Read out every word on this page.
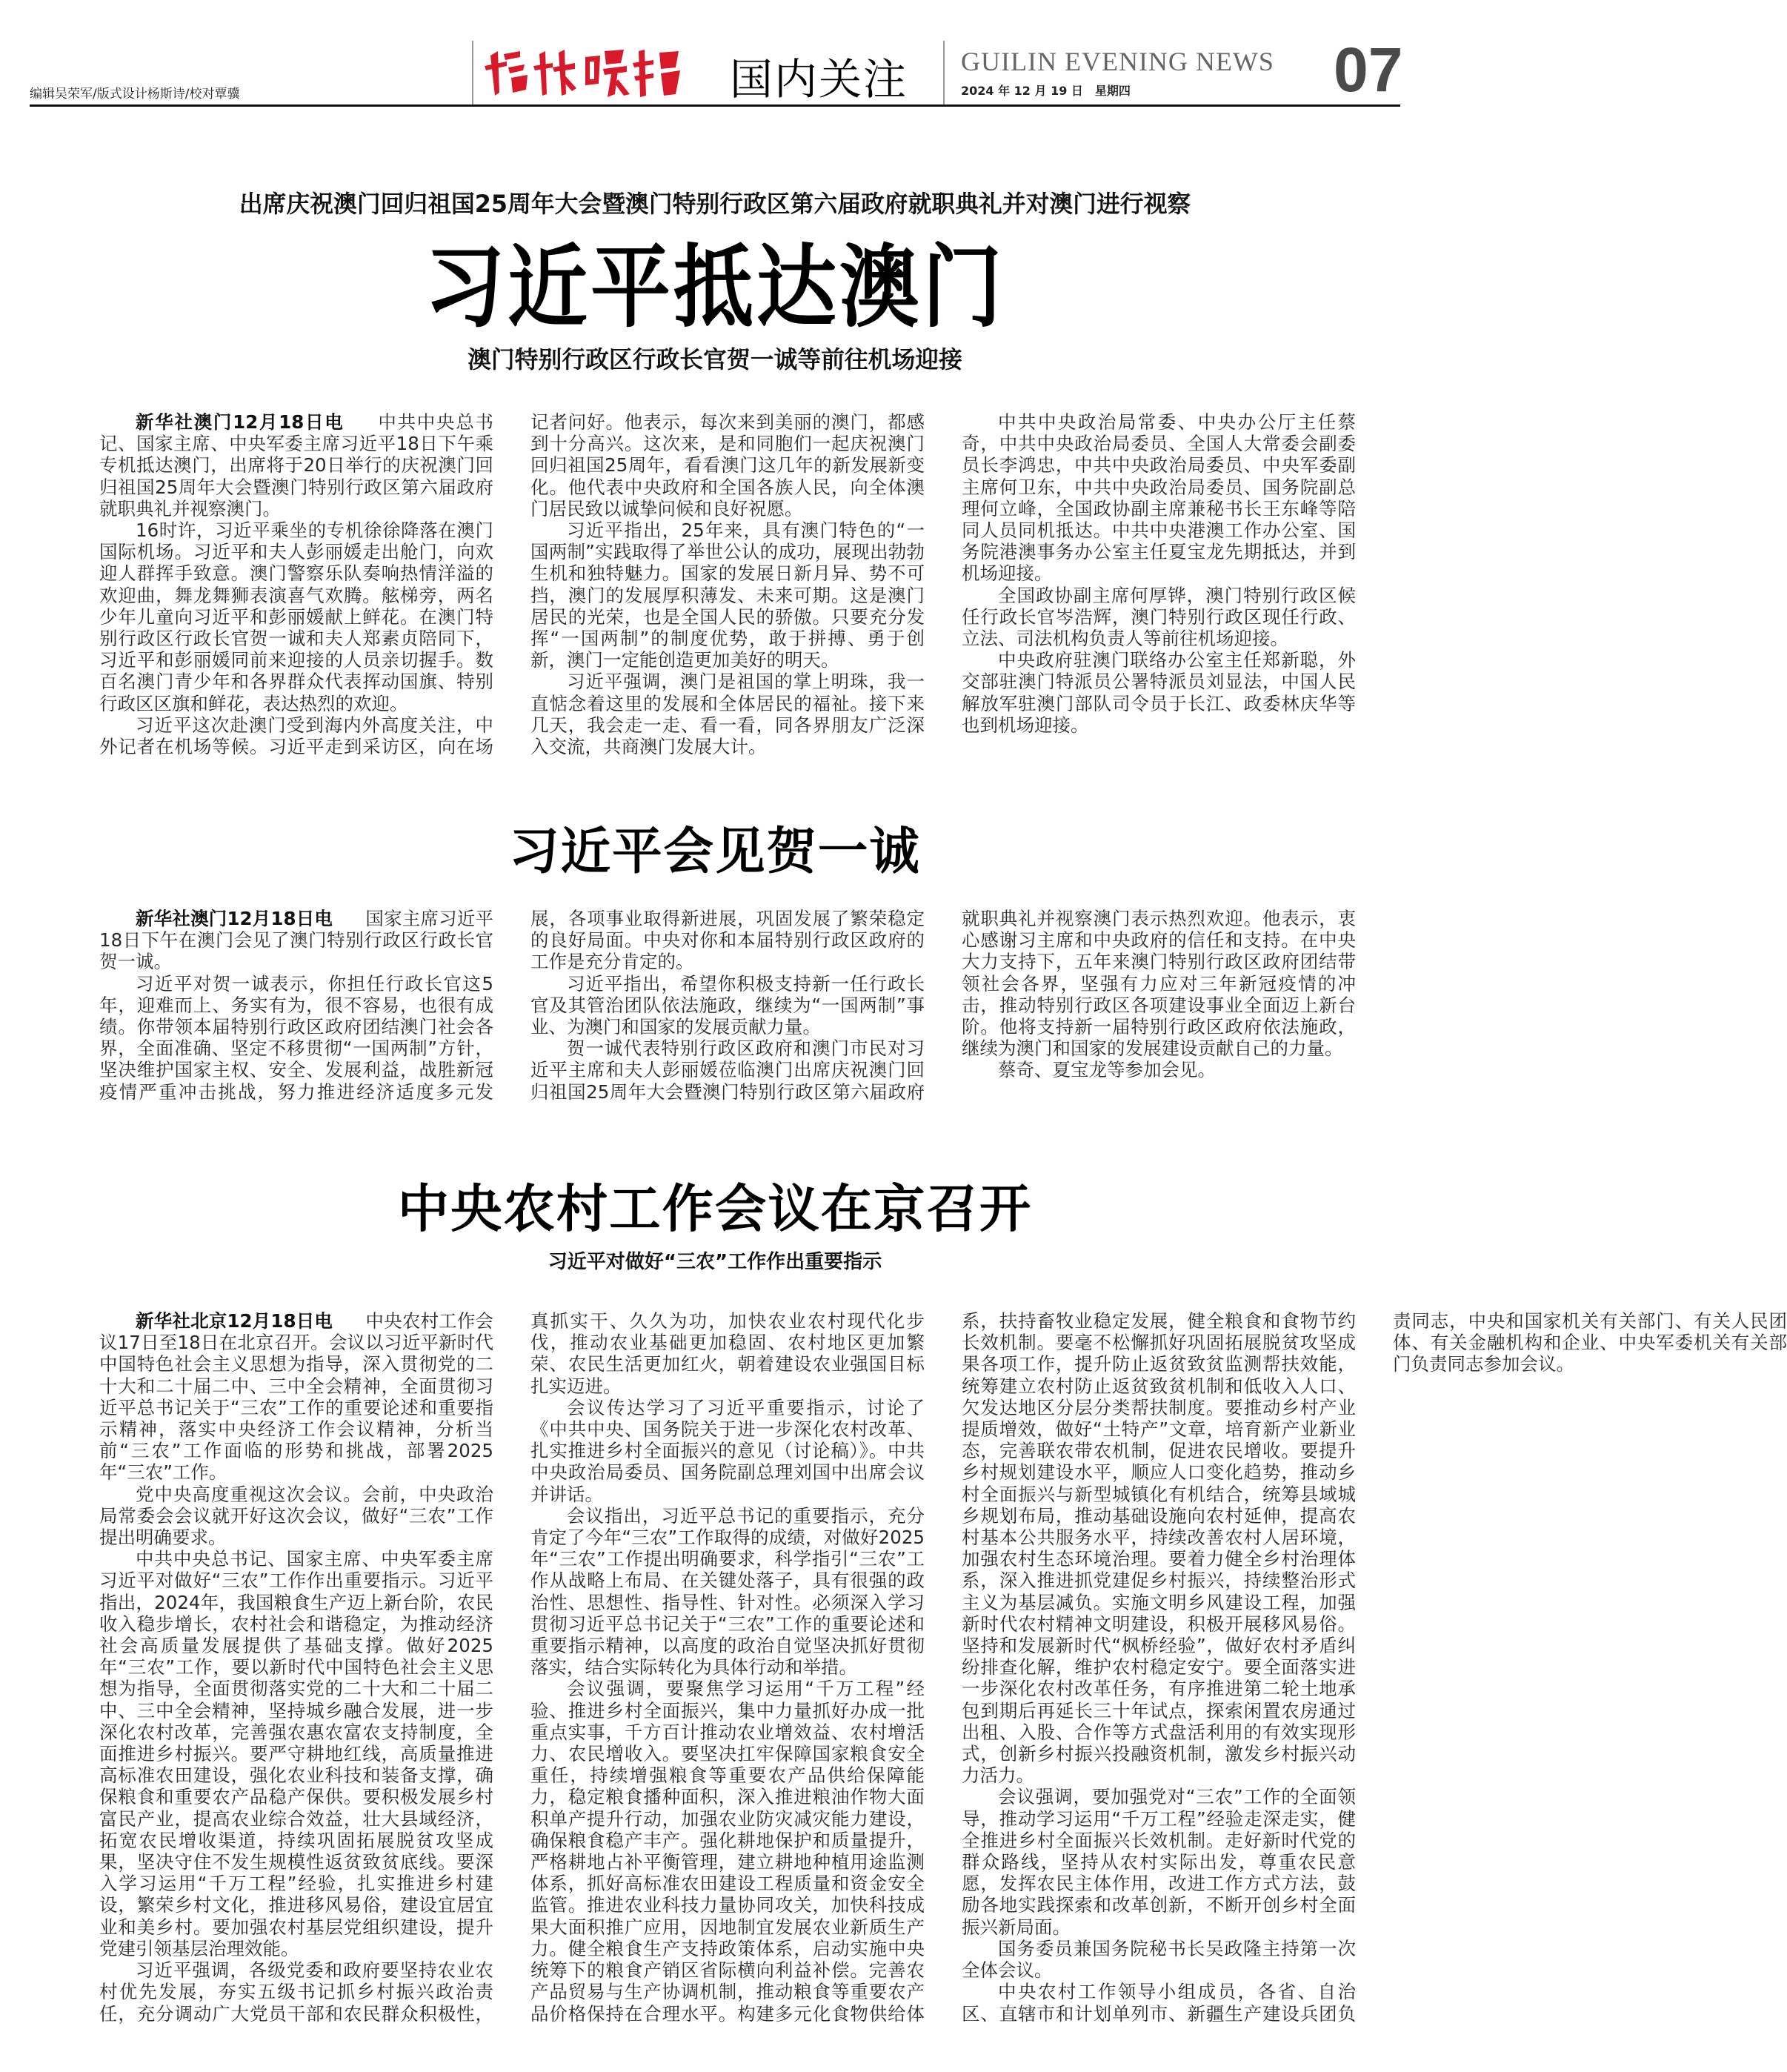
编辑吴荣军/版式设计杨斯诗/校对覃骥	国内关注 GUILIN EVENING NEWS
2024 年 12 月 19 日　星期四	07
出席庆祝澳门回归祖国25周年大会暨澳门特别行政区第六届政府就职典礼并对澳门进行视察
习近平抵达澳门
澳门特别行政区行政长官贺一诚等前往机场迎接

新华社澳门12月18日电　中共中央总书记、国家主席、中央军委主席习近平18日下午乘专机抵达澳门，出席将于20日举行的庆祝澳门回归祖国25周年大会暨澳门特别行政区第六届政府就职典礼并视察澳门。

16时许，习近平乘坐的专机徐徐降落在澳门国际机场。习近平和夫人彭丽媛走出舱门，向欢迎人群挥手致意。澳门警察乐队奏响热情洋溢的欢迎曲，舞龙舞狮表演喜气欢腾。舷梯旁，两名少年儿童向习近平和彭丽媛献上鲜花。在澳门特别行政区行政长官贺一诚和夫人郑素贞陪同下，习近平和彭丽媛同前来迎接的人员亲切握手。数百名澳门青少年和各界群众代表挥动国旗、特别行政区区旗和鲜花，表达热烈的欢迎。

习近平这次赴澳门受到海内外高度关注，中外记者在机场等候。习近平走到采访区，向在场记者问好。他表示，每次来到美丽的澳门，都感到十分高兴。这次来，是和同胞们一起庆祝澳门回归祖国25周年，看看澳门这几年的新发展新变化。他代表中央政府和全国各族人民，向全体澳门居民致以诚挚问候和良好祝愿。

习近平指出，25年来，具有澳门特色的“一国两制”实践取得了举世公认的成功，展现出勃勃生机和独特魅力。国家的发展日新月异、势不可挡，澳门的发展厚积薄发、未来可期。这是澳门居民的光荣，也是全国人民的骄傲。只要充分发挥“一国两制”的制度优势，敢于拼搏、勇于创新，澳门一定能创造更加美好的明天。

习近平强调，澳门是祖国的掌上明珠，我一直惦念着这里的发展和全体居民的福祉。接下来几天，我会走一走、看一看，同各界朋友广泛深入交流，共商澳门发展大计。

中共中央政治局常委、中央办公厅主任蔡奇，中共中央政治局委员、全国人大常委会副委员长李鸿忠，中共中央政治局委员、中央军委副主席何卫东，中共中央政治局委员、国务院副总理何立峰，全国政协副主席兼秘书长王东峰等陪同人员同机抵达。中共中央港澳工作办公室、国务院港澳事务办公室主任夏宝龙先期抵达，并到机场迎接。

全国政协副主席何厚铧，澳门特别行政区候任行政长官岑浩辉，澳门特别行政区现任行政、立法、司法机构负责人等前往机场迎接。

中央政府驻澳门联络办公室主任郑新聪，外交部驻澳门特派员公署特派员刘显法，中国人民解放军驻澳门部队司令员于长江、政委林庆华等也到机场迎接。

习近平会见贺一诚

新华社澳门12月18日电　国家主席习近平18日下午在澳门会见了澳门特别行政区行政长官贺一诚。

习近平对贺一诚表示，你担任行政长官这5年，迎难而上、务实有为，很不容易，也很有成绩。你带领本届特别行政区政府团结澳门社会各界，全面准确、坚定不移贯彻“一国两制”方针，坚决维护国家主权、安全、发展利益，战胜新冠疫情严重冲击挑战，努力推进经济适度多元发展，各项事业取得新进展，巩固发展了繁荣稳定的良好局面。中央对你和本届特别行政区政府的工作是充分肯定的。

习近平指出，希望你积极支持新一任行政长官及其管治团队依法施政，继续为“一国两制”事业、为澳门和国家的发展贡献力量。

贺一诚代表特别行政区政府和澳门市民对习近平主席和夫人彭丽媛莅临澳门出席庆祝澳门回归祖国25周年大会暨澳门特别行政区第六届政府就职典礼并视察澳门表示热烈欢迎。他表示，衷心感谢习主席和中央政府的信任和支持。在中央大力支持下，五年来澳门特别行政区政府团结带领社会各界，坚强有力应对三年新冠疫情的冲击，推动特别行政区各项建设事业全面迈上新台阶。他将支持新一届特别行政区政府依法施政，继续为澳门和国家的发展建设贡献自己的力量。

蔡奇、夏宝龙等参加会见。

中央农村工作会议在京召开
习近平对做好“三农”工作作出重要指示

新华社北京12月18日电　中央农村工作会议17日至18日在北京召开。会议以习近平新时代中国特色社会主义思想为指导，深入贯彻党的二十大和二十届二中、三中全会精神，全面贯彻习近平总书记关于“三农”工作的重要论述和重要指示精神，落实中央经济工作会议精神，分析当前“三农”工作面临的形势和挑战，部署2025年“三农”工作。

党中央高度重视这次会议。会前，中央政治局常委会会议就开好这次会议，做好“三农”工作提出明确要求。

中共中央总书记、国家主席、中央军委主席习近平对做好“三农”工作作出重要指示。习近平指出，2024年，我国粮食生产迈上新台阶，农民收入稳步增长，农村社会和谐稳定，为推动经济社会高质量发展提供了基础支撑。做好2025年“三农”工作，要以新时代中国特色社会主义思想为指导，全面贯彻落实党的二十大和二十届二中、三中全会精神，坚持城乡融合发展，进一步深化农村改革，完善强农惠农富农支持制度，全面推进乡村振兴。要严守耕地红线，高质量推进高标准农田建设，强化农业科技和装备支撑，确保粮食和重要农产品稳产保供。要积极发展乡村富民产业，提高农业综合效益，壮大县域经济，拓宽农民增收渠道，持续巩固拓展脱贫攻坚成果，坚决守住不发生规模性返贫致贫底线。要深入学习运用“千万工程”经验，扎实推进乡村建设，繁荣乡村文化，推进移风易俗，建设宜居宜业和美乡村。要加强农村基层党组织建设，提升党建引领基层治理效能。

习近平强调，各级党委和政府要坚持农业农村优先发展，夯实五级书记抓乡村振兴政治责任，充分调动广大党员干部和农民群众积极性，真抓实干、久久为功，加快农业农村现代化步伐，推动农业基础更加稳固、农村地区更加繁荣、农民生活更加红火，朝着建设农业强国目标扎实迈进。

会议传达学习了习近平重要指示，讨论了《中共中央、国务院关于进一步深化农村改革、扎实推进乡村全面振兴的意见（讨论稿）》。中共中央政治局委员、国务院副总理刘国中出席会议并讲话。

会议指出，习近平总书记的重要指示，充分肯定了今年“三农”工作取得的成绩，对做好2025年“三农”工作提出明确要求，科学指引“三农”工作从战略上布局、在关键处落子，具有很强的政治性、思想性、指导性、针对性。必须深入学习贯彻习近平总书记关于“三农”工作的重要论述和重要指示精神，以高度的政治自觉坚决抓好贯彻落实，结合实际转化为具体行动和举措。

会议强调，要聚焦学习运用“千万工程”经验、推进乡村全面振兴，集中力量抓好办成一批重点实事，千方百计推动农业增效益、农村增活力、农民增收入。要坚决扛牢保障国家粮食安全重任，持续增强粮食等重要农产品供给保障能力，稳定粮食播种面积，深入推进粮油作物大面积单产提升行动，加强农业防灾减灾能力建设，确保粮食稳产丰产。强化耕地保护和质量提升，严格耕地占补平衡管理，建立耕地种植用途监测体系，抓好高标准农田建设工程质量和资金安全监管。推进农业科技力量协同攻关，加快科技成果大面积推广应用，因地制宜发展农业新质生产力。健全粮食生产支持政策体系，启动实施中央统筹下的粮食产销区省际横向利益补偿。完善农产品贸易与生产协调机制，推动粮食等重要农产品价格保持在合理水平。构建多元化食物供给体系，扶持畜牧业稳定发展，健全粮食和食物节约长效机制。要毫不松懈抓好巩固拓展脱贫攻坚成果各项工作，提升防止返贫致贫监测帮扶效能，统筹建立农村防止返贫致贫机制和低收入人口、欠发达地区分层分类帮扶制度。要推动乡村产业提质增效，做好“土特产”文章，培育新产业新业态，完善联农带农机制，促进农民增收。要提升乡村规划建设水平，顺应人口变化趋势，推动乡村全面振兴与新型城镇化有机结合，统筹县域城乡规划布局，推动基础设施向农村延伸，提高农村基本公共服务水平，持续改善农村人居环境，加强农村生态环境治理。要着力健全乡村治理体系，深入推进抓党建促乡村振兴，持续整治形式主义为基层减负。实施文明乡风建设工程，加强新时代农村精神文明建设，积极开展移风易俗。坚持和发展新时代“枫桥经验”，做好农村矛盾纠纷排查化解，维护农村稳定安宁。要全面落实进一步深化农村改革任务，有序推进第二轮土地承包到期后再延长三十年试点，探索闲置农房通过出租、入股、合作等方式盘活利用的有效实现形式，创新乡村振兴投融资机制，激发乡村振兴动力活力。

会议强调，要加强党对“三农”工作的全面领导，推动学习运用“千万工程”经验走深走实，健全推进乡村全面振兴长效机制。走好新时代党的群众路线，坚持从农村实际出发，尊重农民意愿，发挥农民主体作用，改进工作方式方法，鼓励各地实践探索和改革创新，不断开创乡村全面振兴新局面。

国务委员兼国务院秘书长吴政隆主持第一次全体会议。

中央农村工作领导小组成员，各省、自治区、直辖市和计划单列市、新疆生产建设兵团负责同志，中央和国家机关有关部门、有关人民团体、有关金融机构和企业、中央军委机关有关部门负责同志参加会议。
